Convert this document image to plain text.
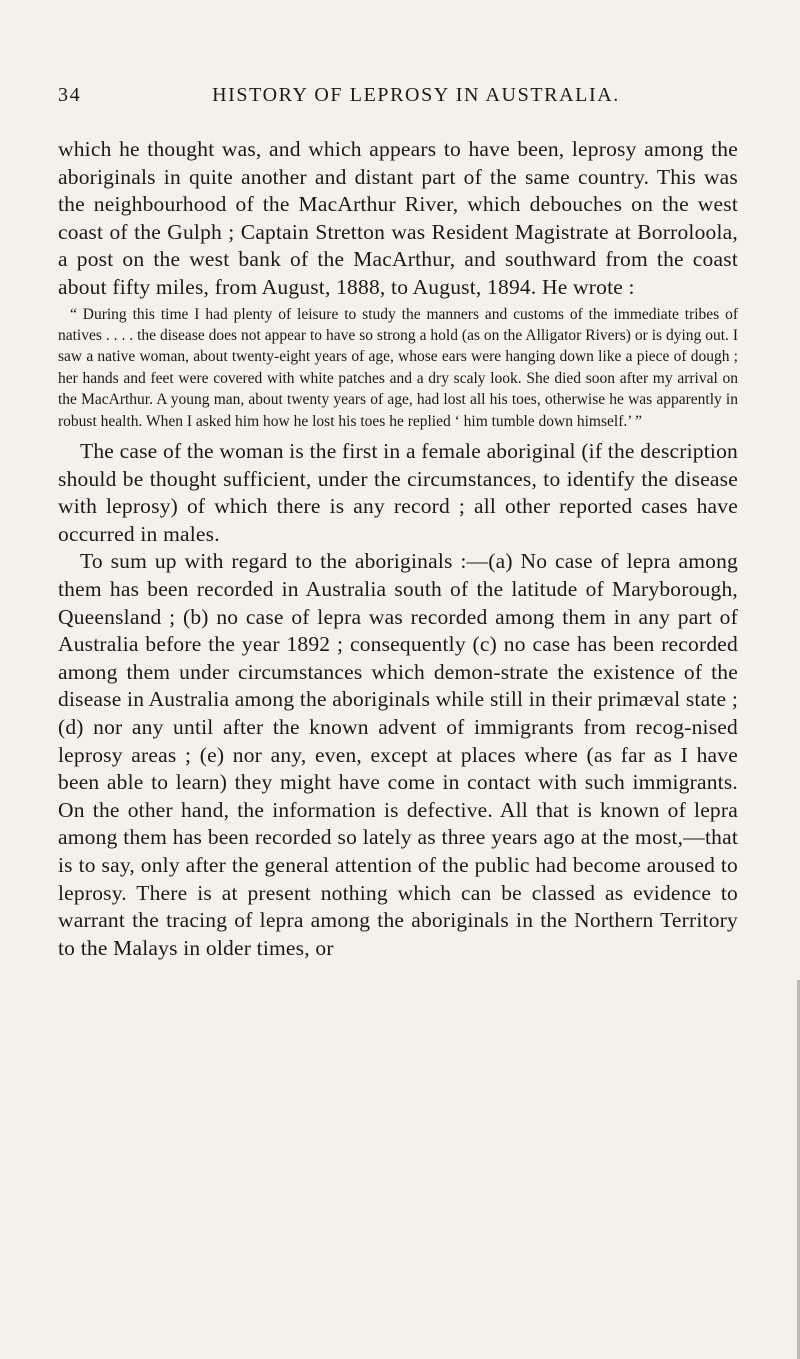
34	HISTORY OF LEPROSY IN AUSTRALIA.

which he thought was, and which appears to have been, leprosy among the aboriginals in quite another and distant part of the same country. This was the neighbourhood of the MacArthur River, which debouches on the west coast of the Gulph ; Captain Stretton was Resident Magistrate at Borroloola, a post on the west bank of the MacArthur, and southward from the coast about fifty miles, from August, 1888, to August, 1894. He wrote :

“ During this time I had plenty of leisure to study the manners and customs of the immediate tribes of natives . . . . the disease does not appear to have so strong a hold (as on the Alligator Rivers) or is dying out. I saw a native woman, about twenty-eight years of age, whose ears were hanging down like a piece of dough ; her hands and feet were covered with white patches and a dry scaly look. She died soon after my arrival on the MacArthur. A young man, about twenty years of age, had lost all his toes, otherwise he was apparently in robust health. When I asked him how he lost his toes he replied ‘ him tumble down himself.’ ”

The case of the woman is the first in a female aboriginal (if the description should be thought sufficient, under the circumstances, to identify the disease with leprosy) of which there is any record ; all other reported cases have occurred in males.

To sum up with regard to the aboriginals :—(a) No case of lepra among them has been recorded in Australia south of the latitude of Maryborough, Queensland ; (b) no case of lepra was recorded among them in any part of Australia before the year 1892 ; consequently (c) no case has been recorded among them under circumstances which demon-strate the existence of the disease in Australia among the aboriginals while still in their primæval state ; (d) nor any until after the known advent of immigrants from recog-nised leprosy areas ; (e) nor any, even, except at places where (as far as I have been able to learn) they might have come in contact with such immigrants. On the other hand, the information is defective. All that is known of lepra among them has been recorded so lately as three years ago at the most,—that is to say, only after the general attention of the public had become aroused to leprosy. There is at present nothing which can be classed as evidence to warrant the tracing of lepra among the aboriginals in the Northern Territory to the Malays in older times, or
